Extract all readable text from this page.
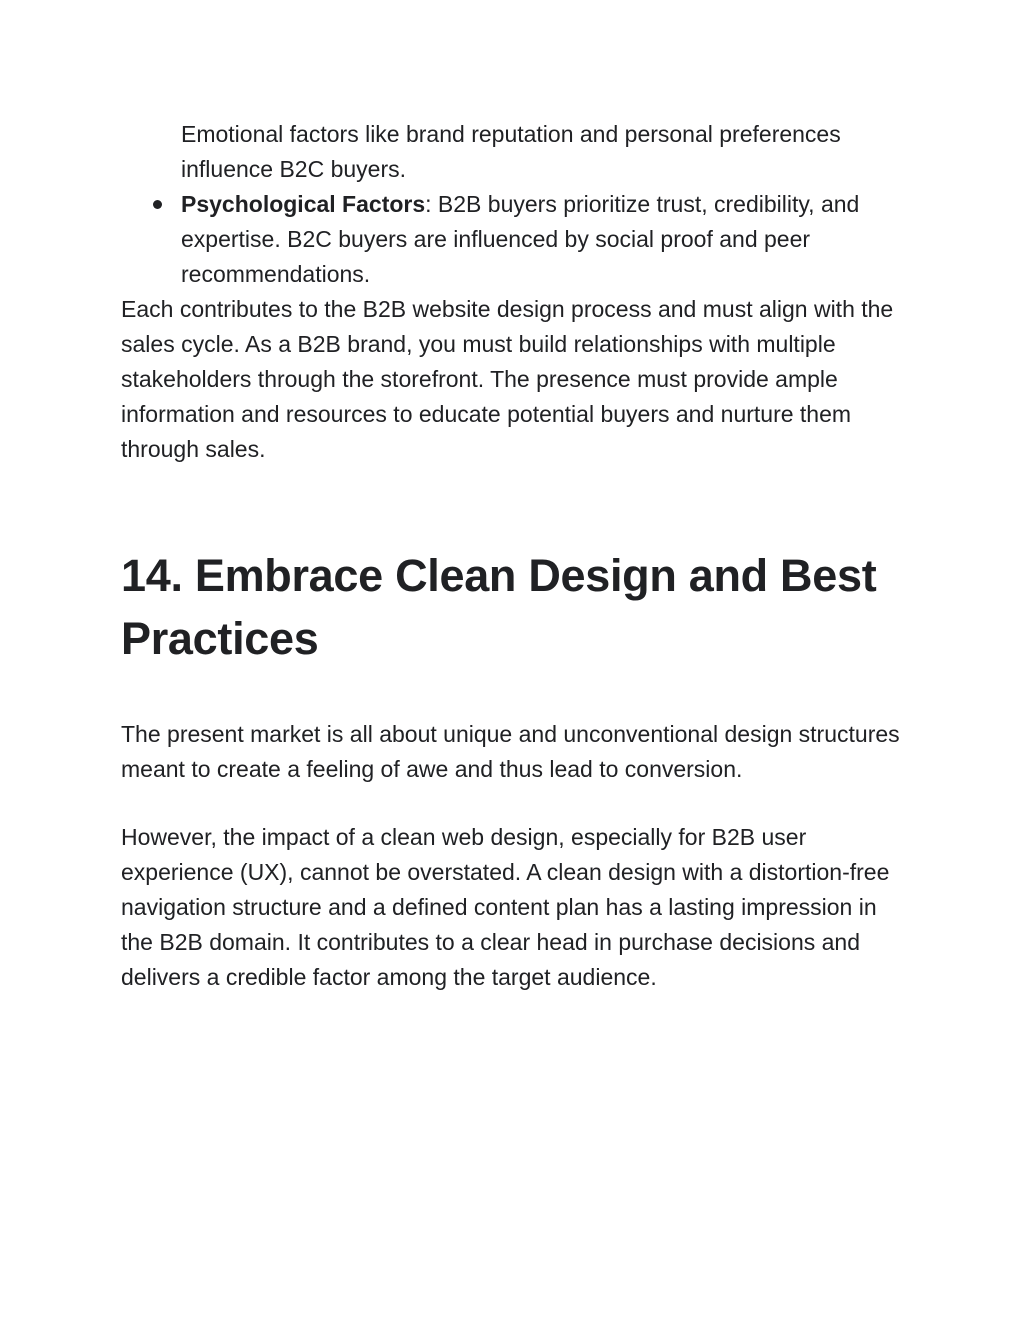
Emotional factors like brand reputation and personal preferences influence B2C buyers.

Psychological Factors: B2B buyers prioritize trust, credibility, and expertise. B2C buyers are influenced by social proof and peer recommendations.

Each contributes to the B2B website design process and must align with the sales cycle. As a B2B brand, you must build relationships with multiple stakeholders through the storefront. The presence must provide ample information and resources to educate potential buyers and nurture them through sales.

14. Embrace Clean Design and Best Practices

The present market is all about unique and unconventional design structures meant to create a feeling of awe and thus lead to conversion.

However, the impact of a clean web design, especially for B2B user experience (UX), cannot be overstated. A clean design with a distortion-free navigation structure and a defined content plan has a lasting impression in the B2B domain. It contributes to a clear head in purchase decisions and delivers a credible factor among the target audience.
